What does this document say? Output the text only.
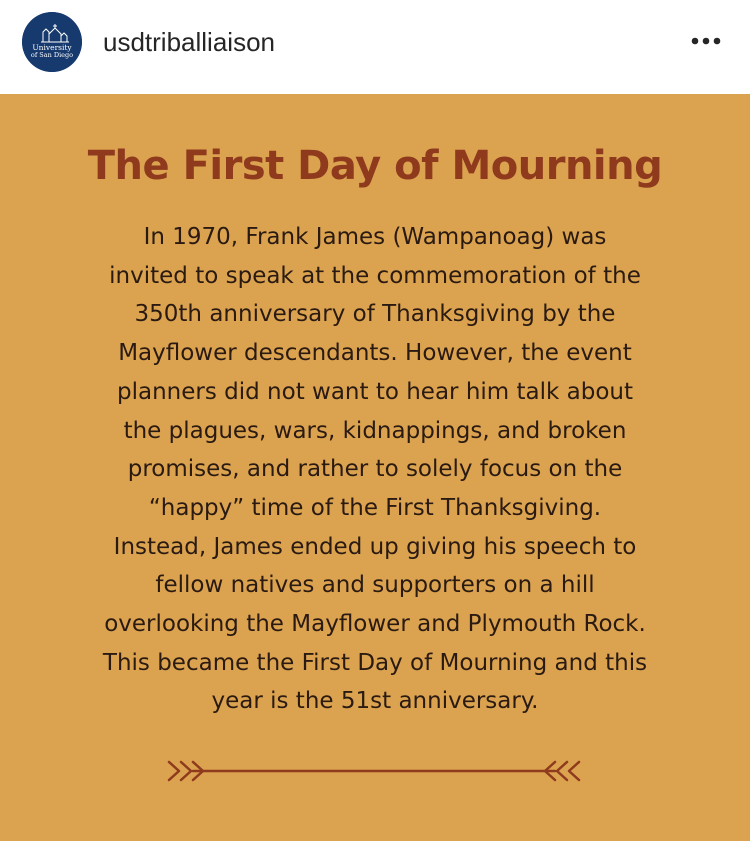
University
of San Diego usdtriballiaison
The First Day of Mourning
In 1970, Frank James (Wampanoag) was
invited to speak at the commemoration of the
350th anniversary of Thanksgiving by the
Mayflower descendants. However, the event
planners did not want to hear him talk about
the plagues, wars, kidnappings, and broken
promises, and rather to solely focus on the
“happy” time of the First Thanksgiving.
Instead, James ended up giving his speech to
fellow natives and supporters on a hill
overlooking the Mayflower and Plymouth Rock.
This became the First Day of Mourning and this
year is the 51st anniversary.
